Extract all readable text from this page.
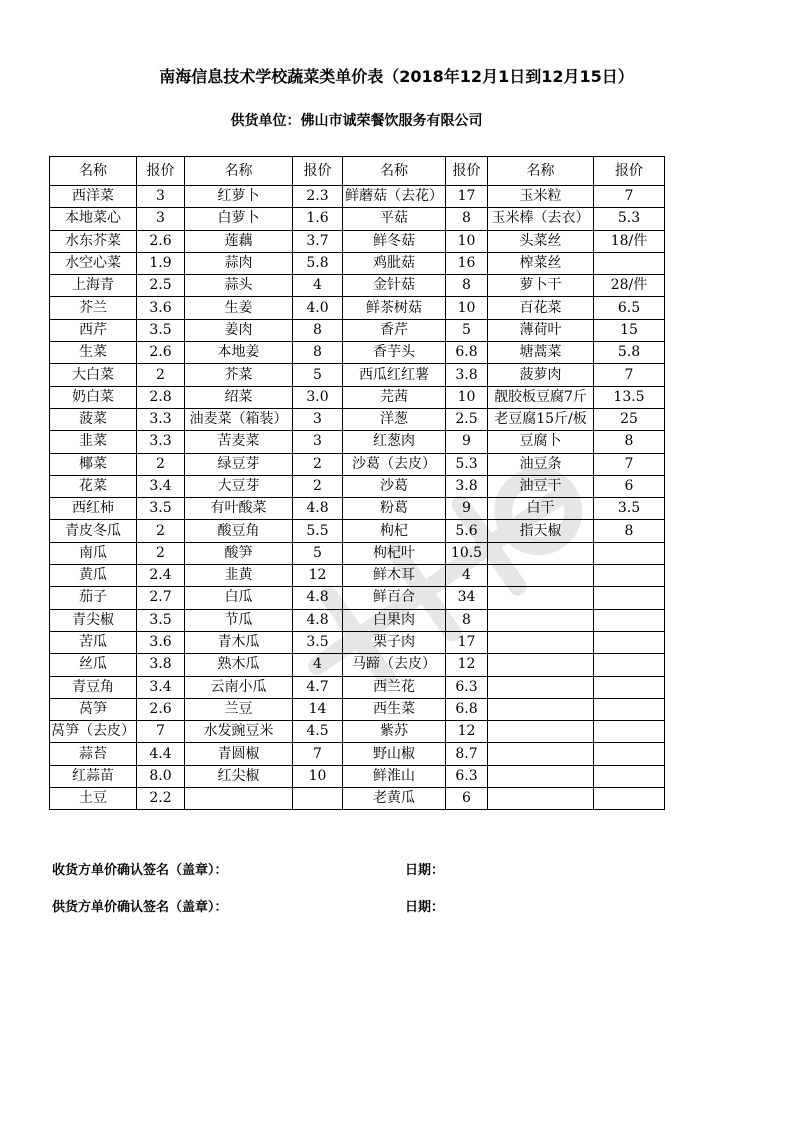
南海信息技术学校蔬菜类单价表（2018年12月1日到12月15日）
供货单位：佛山市诚荣餐饮服务有限公司
名称	报价	名称	报价	名称	报价	名称	报价
西洋菜	3	红萝卜	2.3	鲜蘑菇（去花）	17	玉米粒	7
本地菜心	3	白萝卜	1.6	平菇	8	玉米棒（去衣）	5.3
水东芥菜	2.6	莲藕	3.7	鲜冬菇	10	头菜丝	18/件
水空心菜	1.9	蒜肉	5.8	鸡肶菇	16	榨菜丝	
上海青	2.5	蒜头	4	金针菇	8	萝卜干	28/件
芥兰	3.6	生姜	4.0	鲜茶树菇	10	百花菜	6.5
西芹	3.5	姜肉	8	香芹	5	薄荷叶	15
生菜	2.6	本地姜	8	香芋头	6.8	塘蒿菜	5.8
大白菜	2	芥菜	5	西瓜红红薯	3.8	菠萝肉	7
奶白菜	2.8	绍菜	3.0	芫茜	10	靓胶板豆腐7斤	13.5
菠菜	3.3	油麦菜（箱装）	3	洋葱	2.5	老豆腐15斤/板	25
韭菜	3.3	苦麦菜	3	红葱肉	9	豆腐卜	8
椰菜	2	绿豆芽	2	沙葛（去皮）	5.3	油豆条	7
花菜	3.4	大豆芽	2	沙葛	3.8	油豆干	6
西红柿	3.5	有叶酸菜	4.8	粉葛	9	白干	3.5
青皮冬瓜	2	酸豆角	5.5	枸杞	5.6	指天椒	8
南瓜	2	酸笋	5	枸杞叶	10.5		
黄瓜	2.4	韭黄	12	鲜木耳	4		
茄子	2.7	白瓜	4.8	鲜百合	34		
青尖椒	3.5	节瓜	4.8	白果肉	8		
苦瓜	3.6	青木瓜	3.5	栗子肉	17		
丝瓜	3.8	熟木瓜	4	马蹄（去皮）	12		
青豆角	3.4	云南小瓜	4.7	西兰花	6.3		
莴笋	2.6	兰豆	14	西生菜	6.8		
莴笋（去皮）	7	水发豌豆米	4.5	紫苏	12		
蒜苔	4.4	青圆椒	7	野山椒	8.7		
红蒜苗	8.0	红尖椒	10	鲜淮山	6.3		
土豆	2.2			老黄瓜	6		
收货方单价确认签名（盖章）：	日期：
供货方单价确认签名（盖章）：	日期：
